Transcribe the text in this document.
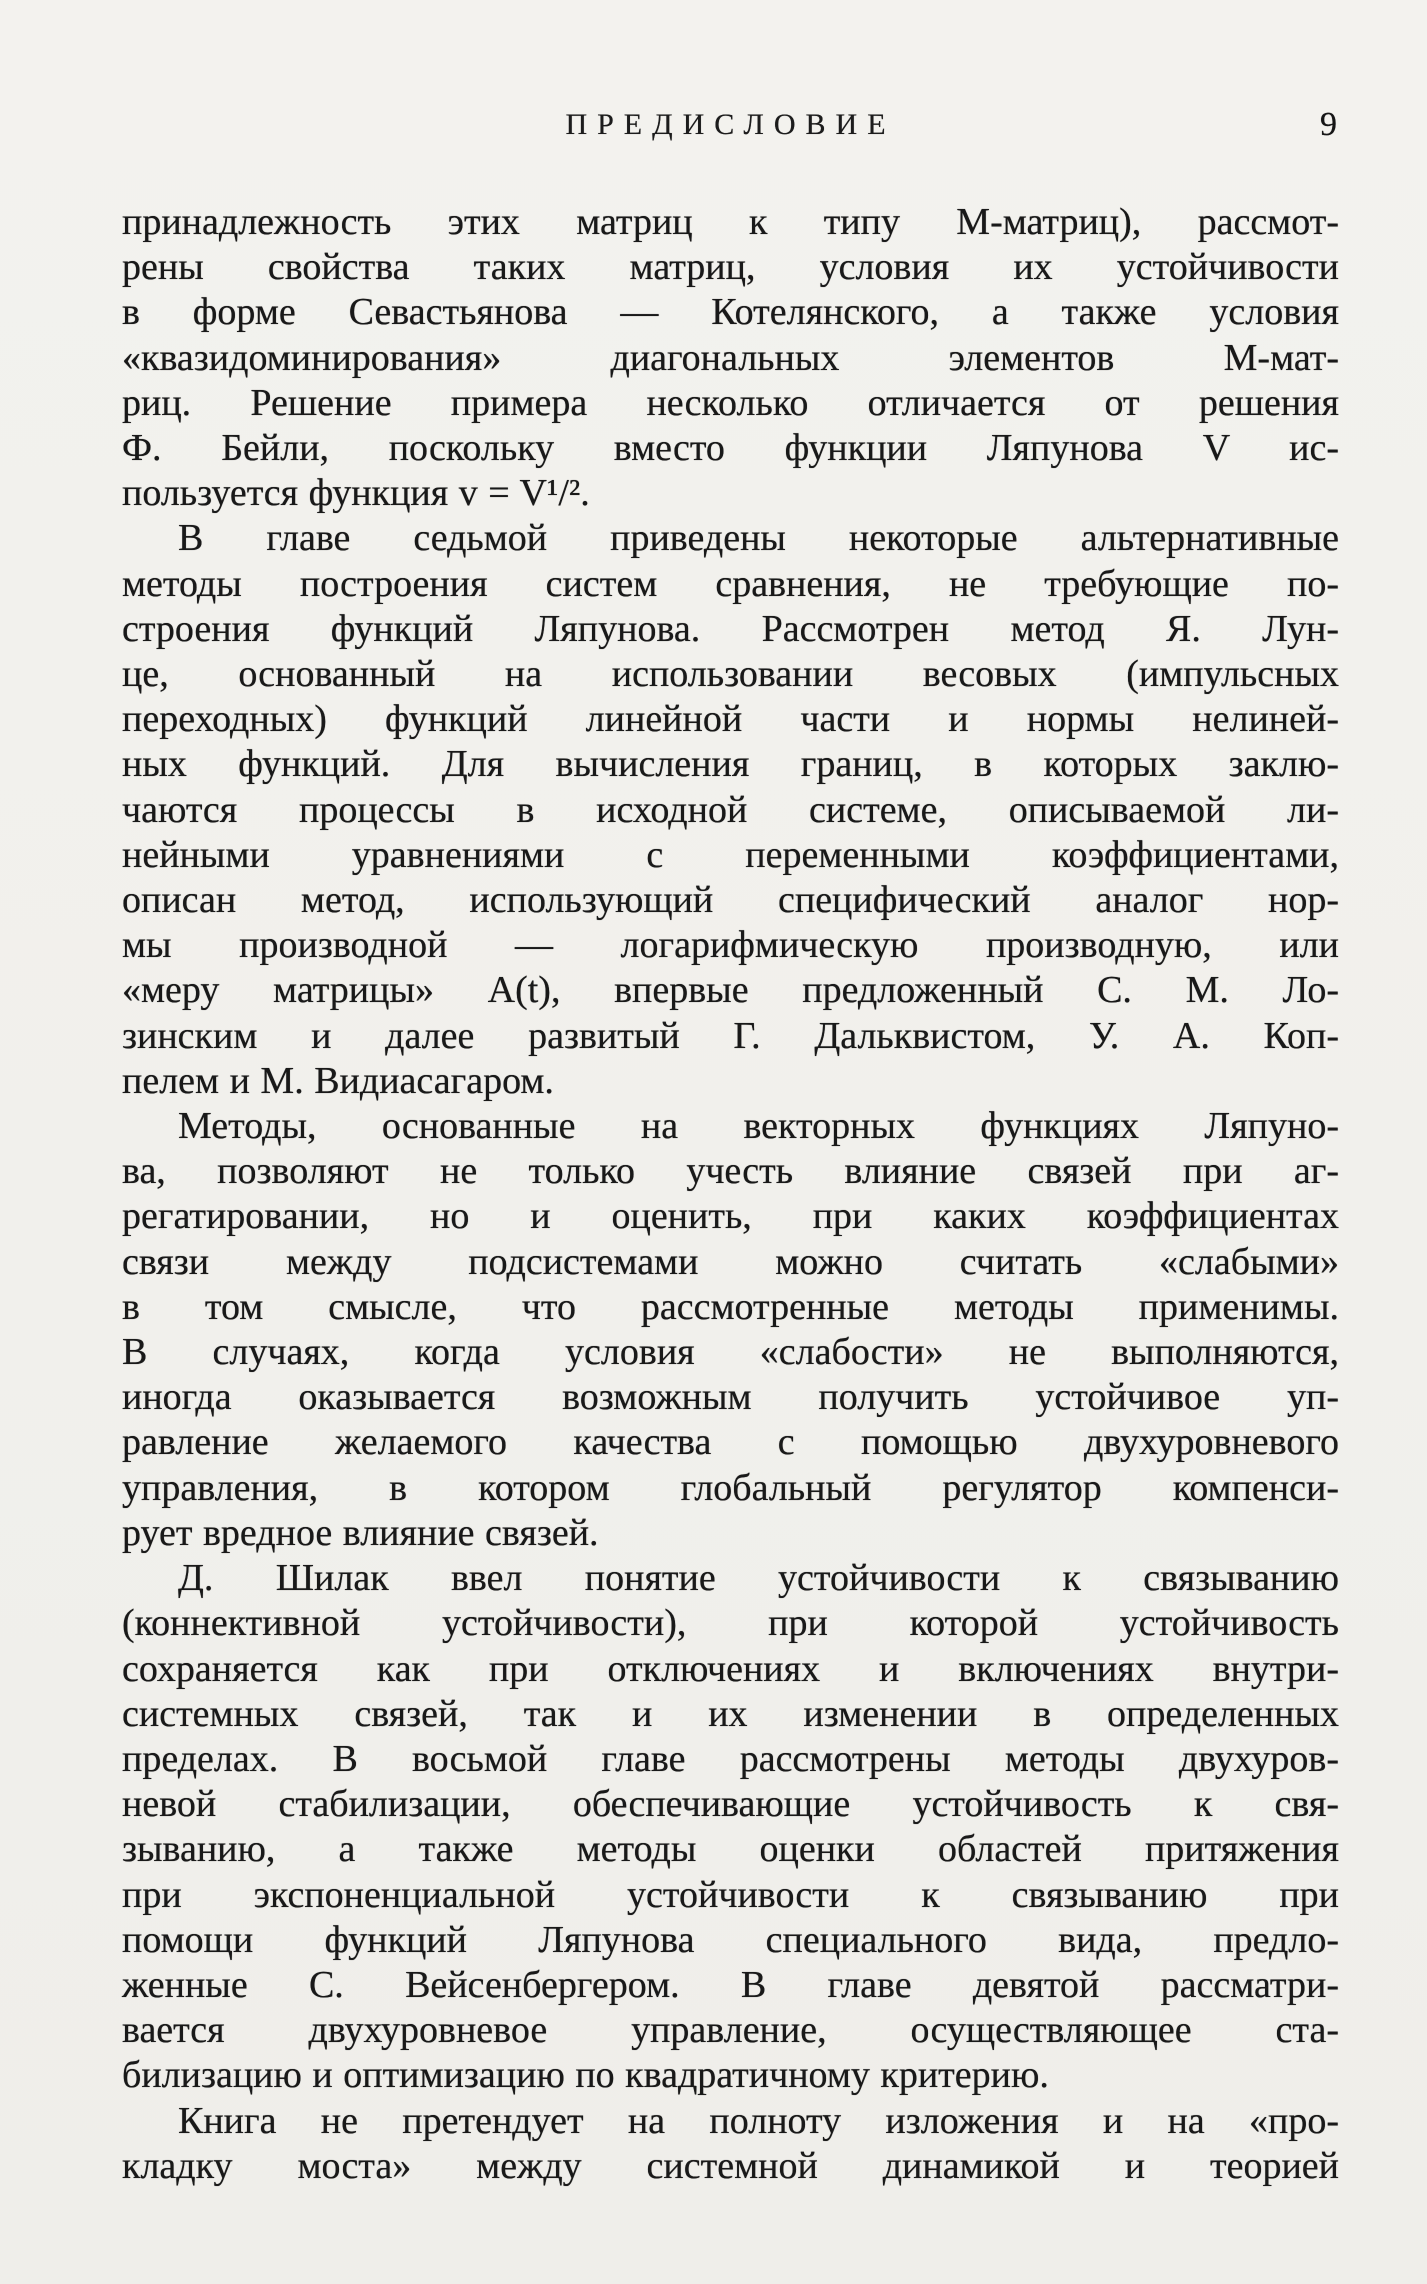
ПРЕДИСЛОВИЕ	9
принадлежность этих матриц к типу М-матриц), рассмот-
рены свойства таких матриц, условия их устойчивости
в форме Севастьянова — Котелянского, а также условия
«квазидоминирования» диагональных элементов М-мат-
риц. Решение примера несколько отличается от решения
Ф. Бейли, поскольку вместо функции Ляпунова V ис-
пользуется функция v = V¹/².
В главе седьмой приведены некоторые альтернативные
методы построения систем сравнения, не требующие по-
строения функций Ляпунова. Рассмотрен метод Я. Лун-
це, основанный на использовании весовых (импульсных
переходных) функций линейной части и нормы нелиней-
ных функций. Для вычисления границ, в которых заклю-
чаются процессы в исходной системе, описываемой ли-
нейными уравнениями с переменными коэффициентами,
описан метод, использующий специфический аналог нор-
мы производной — логарифмическую производную, или
«меру матрицы» A(t), впервые предложенный С. М. Ло-
зинским и далее развитый Г. Дальквистом, У. А. Коп-
пелем и М. Видиасагаром.
Методы, основанные на векторных функциях Ляпуно-
ва, позволяют не только учесть влияние связей при аг-
регатировании, но и оценить, при каких коэффициентах
связи между подсистемами можно считать «слабыми»
в том смысле, что рассмотренные методы применимы.
В случаях, когда условия «слабости» не выполняются,
иногда оказывается возможным получить устойчивое уп-
равление желаемого качества с помощью двухуровневого
управления, в котором глобальный регулятор компенси-
рует вредное влияние связей.
Д. Шилак ввел понятие устойчивости к связыванию
(коннективной устойчивости), при которой устойчивость
сохраняется как при отключениях и включениях внутри-
системных связей, так и их изменении в определенных
пределах. В восьмой главе рассмотрены методы двухуров-
невой стабилизации, обеспечивающие устойчивость к свя-
зыванию, а также методы оценки областей притяжения
при экспоненциальной устойчивости к связыванию при
помощи функций Ляпунова специального вида, предло-
женные С. Вейсенбергером. В главе девятой рассматри-
вается двухуровневое управление, осуществляющее ста-
билизацию и оптимизацию по квадратичному критерию.
Книга не претендует на полноту изложения и на «про-
кладку моста» между системной динамикой и теорией
